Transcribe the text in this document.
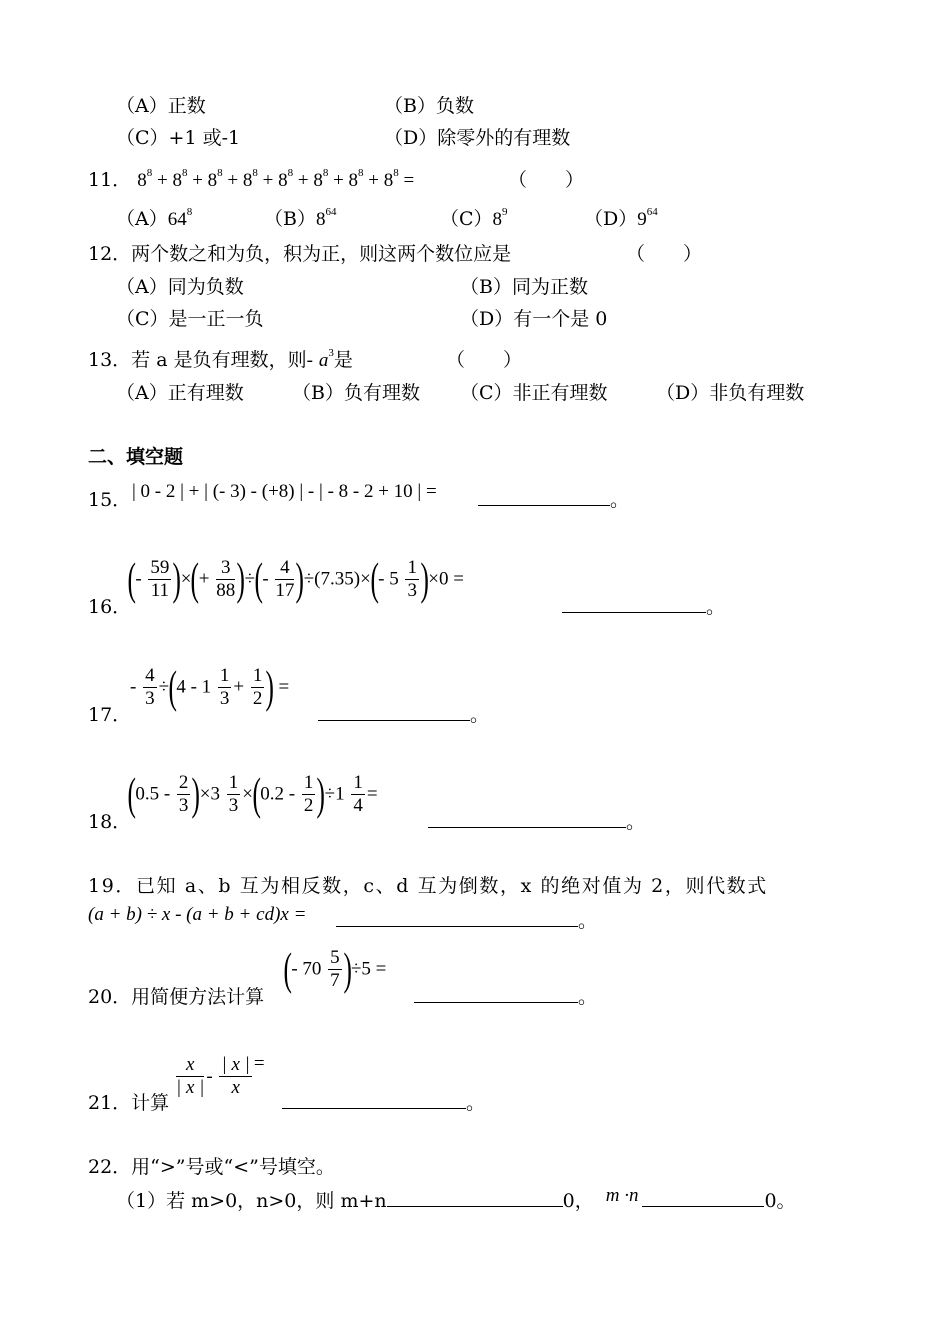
（A）正数	（B）负数
（C）+1 或-1	（D）除零外的有理数
11． $8^8 + 8^8 + 8^8 + 8^8 + 8^8 + 8^8 + 8^8 + 8^8$ =	（　　）
$(A)64^8$	$(B)8^{64}$	$(C)8^9$	$(D)9^{64}$
12．两个数之和为负，积为正，则这两个数位应是	（　　）
（A）同为负数	（B）同为正数
（C）是一正一负	（D）有一个是 0
13．若 a 是负有理数，则- $a^3$是	（　　）
（A）正有理数	（B）负有理数 （C）非正有理数	（D）非负有理数
二、填空题
15． | 0 - 2 | + | (- 3) - (+8) | - | - 8 - 2 + 10 | =	。
16．
(- $\frac{59}{11}$ )×(+ $\frac{3}{88}$ )÷(- $\frac{4}{17} )\div(7.35)\times(-$ $5 \frac{1}{3} )\times 0$ =
。
17．
- $\frac{4}{3} \div(4 - 1 \frac{1}{3} + \frac{1}{2}$ ) =
。
18．
$(0.5 - \frac{2}{3} )\times 3 \frac{1}{3} \times(0.2 - \frac{1}{2} )\div 1 \frac{1}{4}$ =
。
19．已知 a、b 互为相反数，c、d 互为倒数，x 的绝对值为 2，则代数式
(a + b) ÷ x - (a + b + cd)x =	。
20．用简便方法计算
(- $70 \frac{5}{7} )\div 5$ =
。
21．计算
$\frac{x}{| x |} - \frac{| x |}{x}$ =
。
22．用“>”号或“<”号填空。
（1）若 m>0，n>0，则 m+n	0， m ·n	0。
